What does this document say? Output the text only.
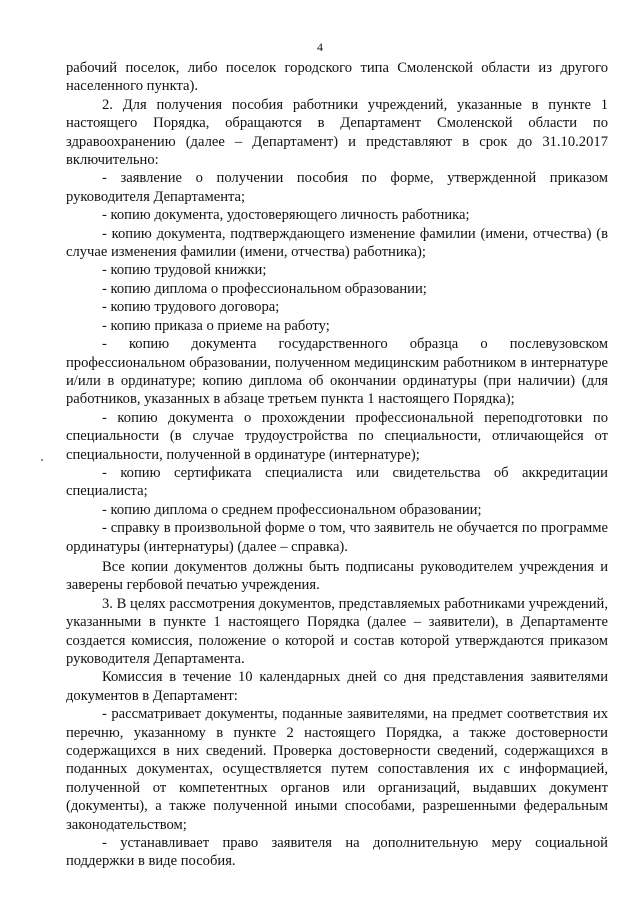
4

рабочий поселок, либо поселок городского типа Смоленской области из другого населенного пункта).

2. Для получения пособия работники учреждений, указанные в пункте 1 настоящего Порядка, обращаются в Департамент Смоленской области по здравоохранению (далее – Департамент) и представляют в срок до 31.10.2017 включительно:

- заявление о получении пособия по форме, утвержденной приказом руководителя Департамента;

- копию документа, удостоверяющего личность работника;

- копию документа, подтверждающего изменение фамилии (имени, отчества) (в случае изменения фамилии (имени, отчества) работника);

- копию трудовой книжки;

- копию диплома о профессиональном образовании;

- копию трудового договора;

- копию приказа о приеме на работу;

- копию документа государственного образца о послевузовском профессиональном образовании, полученном медицинским работником в интернатуре и/или в ординатуре; копию диплома об окончании ординатуры (при наличии) (для работников, указанных в абзаце третьем пункта 1 настоящего Порядка);

- копию документа о прохождении профессиональной переподготовки по специальности (в случае трудоустройства по специальности, отличающейся от специальности, полученной в ординатуре (интернатуре);

- копию сертификата специалиста или свидетельства об аккредитации специалиста;

- копию диплома о среднем профессиональном образовании;

- справку в произвольной форме о том, что заявитель не обучается по программе ординатуры (интернатуры) (далее – справка).

Все копии документов должны быть подписаны руководителем учреждения и заверены гербовой печатью учреждения.

3. В целях рассмотрения документов, представляемых работниками учреждений, указанными в пункте 1 настоящего Порядка (далее – заявители), в Департаменте создается комиссия, положение о которой и состав которой утверждаются приказом руководителя Департамента.

Комиссия в течение 10 календарных дней со дня представления заявителями документов в Департамент:

- рассматривает документы, поданные заявителями, на предмет соответствия их перечню, указанному в пункте 2 настоящего Порядка, а также достоверности содержащихся в них сведений. Проверка достоверности сведений, содержащихся в поданных документах, осуществляется путем сопоставления их с информацией, полученной от компетентных органов или организаций, выдавших документ (документы), а также полученной иными способами, разрешенными федеральным законодательством;

- устанавливает право заявителя на дополнительную меру социальной поддержки в виде пособия.
